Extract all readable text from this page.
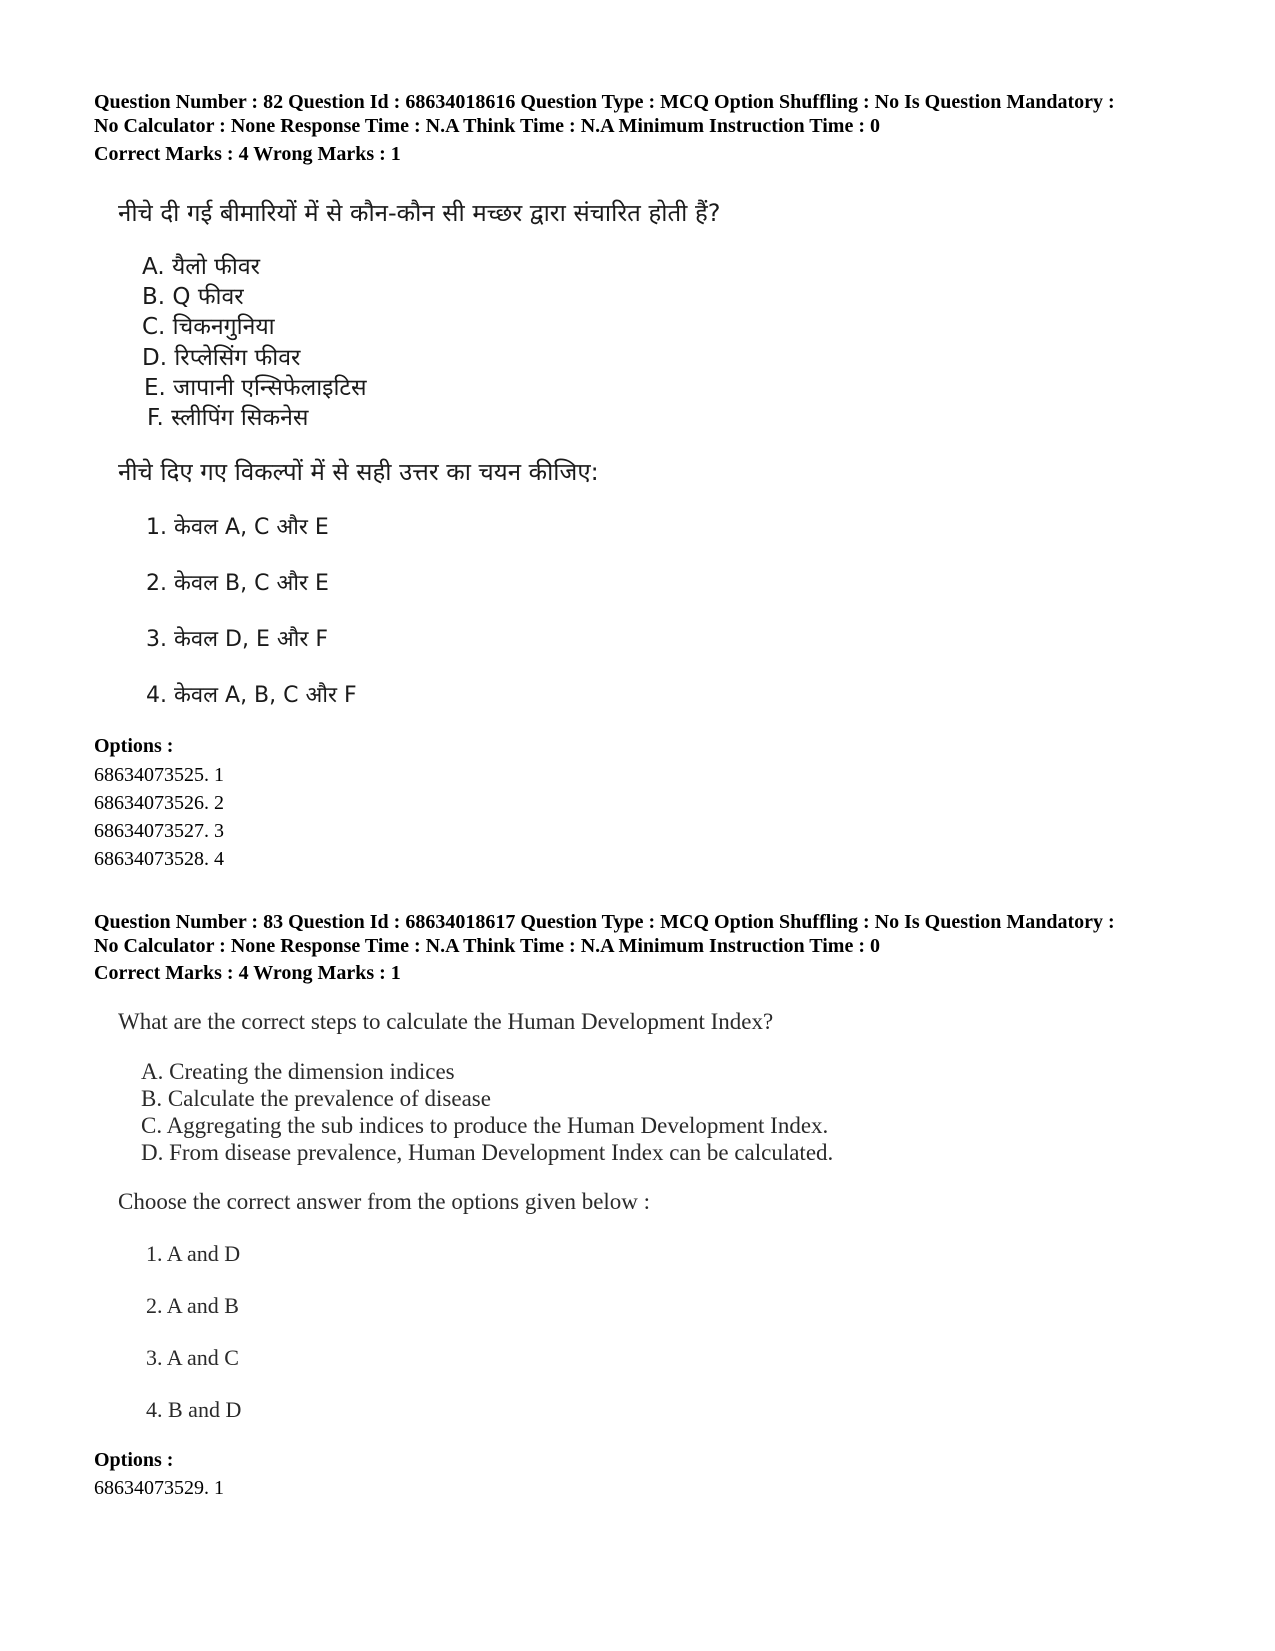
Question Number : 82 Question Id : 68634018616 Question Type : MCQ Option Shuffling : No Is Question Mandatory :
No Calculator : None Response Time : N.A Think Time : N.A Minimum Instruction Time : 0
Correct Marks : 4 Wrong Marks : 1
नीचे दी गई बीमारियों में से कौन-कौन सी मच्छर द्वारा संचारित होती हैं?
A. यैलो फीवर
B. Q फीवर
C. चिकनगुनिया
D. रिप्लेसिंग फीवर
E. जापानी एन्सिफेलाइटिस
F. स्लीपिंग सिकनेस
नीचे दिए गए विकल्पों में से सही उत्तर का चयन कीजिए:
1. केवल A, C और E
2. केवल B, C और E
3. केवल D, E और F
4. केवल A, B, C और F
Options :
68634073525. 1
68634073526. 2
68634073527. 3
68634073528. 4
Question Number : 83 Question Id : 68634018617 Question Type : MCQ Option Shuffling : No Is Question Mandatory :
No Calculator : None Response Time : N.A Think Time : N.A Minimum Instruction Time : 0
Correct Marks : 4 Wrong Marks : 1
What are the correct steps to calculate the Human Development Index?
A. Creating the dimension indices
B. Calculate the prevalence of disease
C. Aggregating the sub indices to produce the Human Development Index.
D. From disease prevalence, Human Development Index can be calculated.
Choose the correct answer from the options given below :
1. A and D
2. A and B
3. A and C
4. B and D
Options :
68634073529. 1
